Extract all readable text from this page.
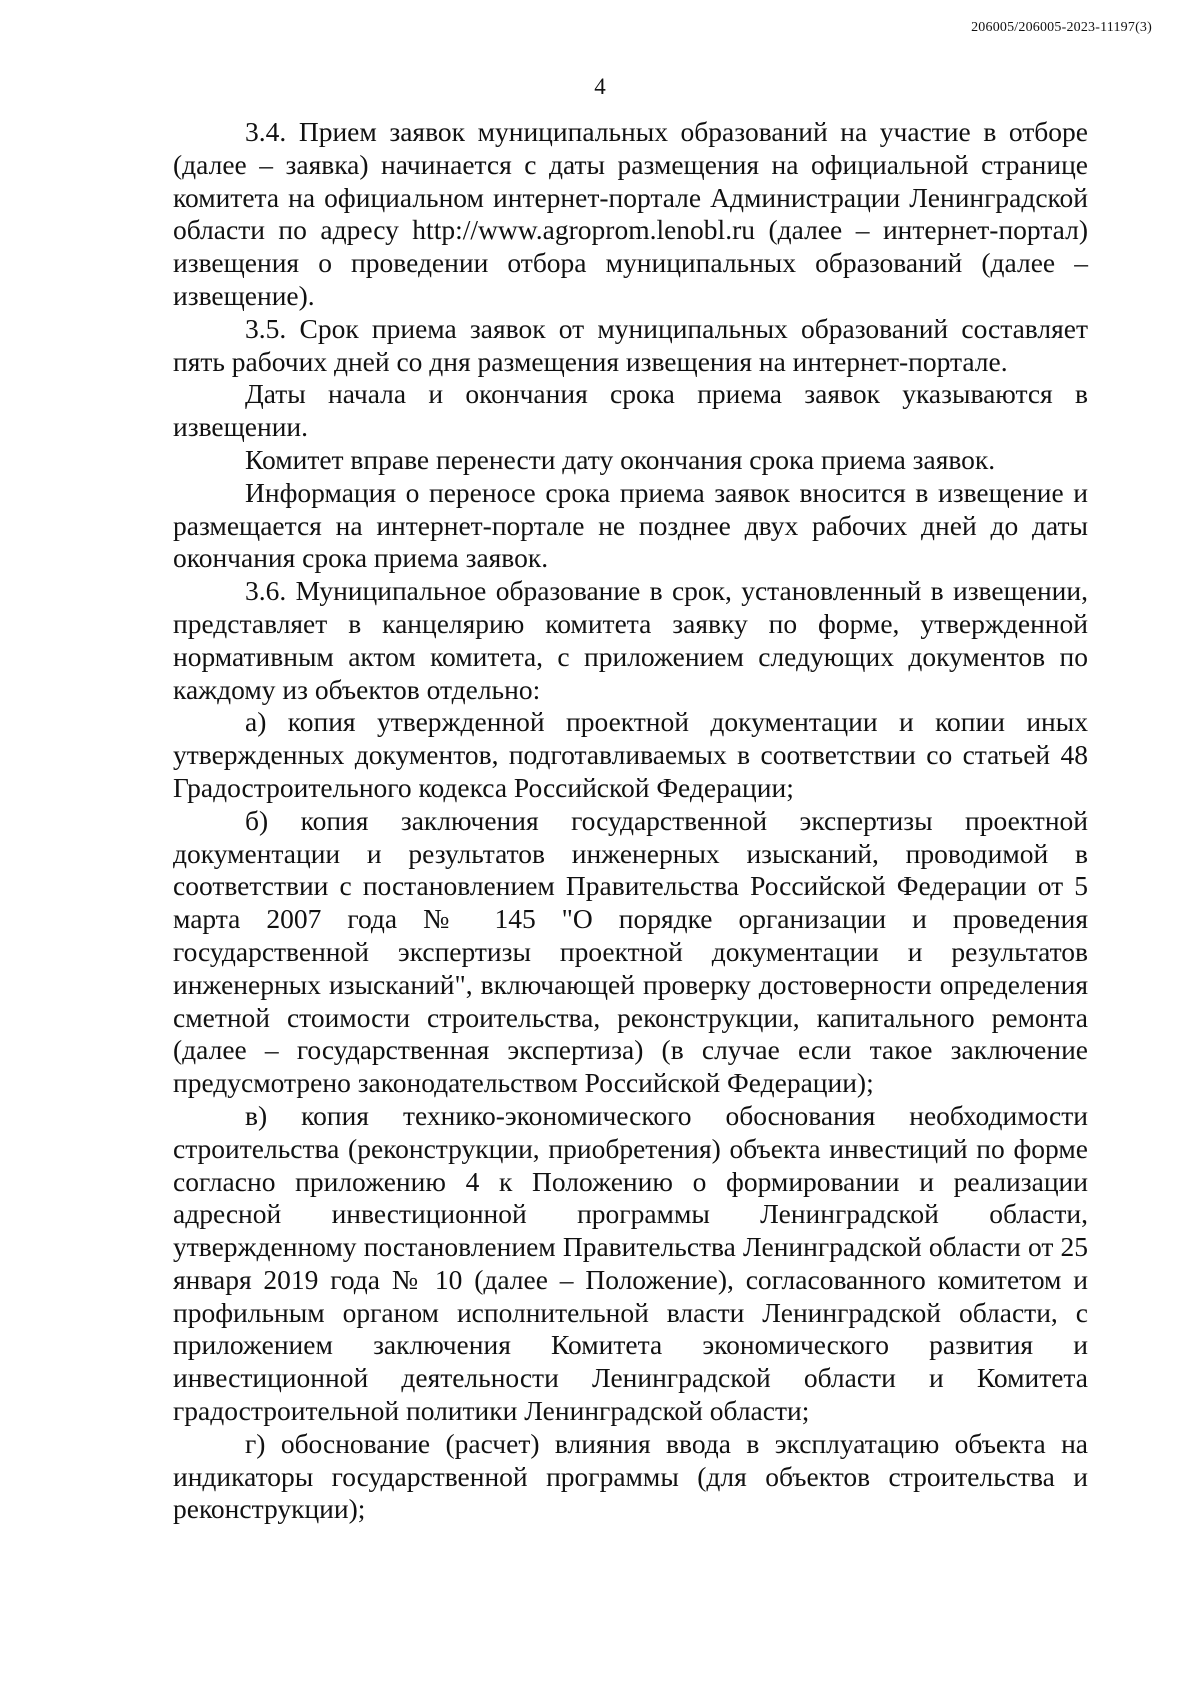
206005/206005-2023-11197(3)
4

3.4. Прием заявок муниципальных образований на участие в отборе (далее – заявка) начинается с даты размещения на официальной странице комитета на официальном интернет-портале Администрации Ленинградской области по адресу http://www.agroprom.lenobl.ru (далее – интернет-портал) извещения о проведении отбора муниципальных образований (далее – извещение).

3.5. Срок приема заявок от муниципальных образований составляет пять рабочих дней со дня размещения извещения на интернет-портале.

Даты начала и окончания срока приема заявок указываются в извещении.

Комитет вправе перенести дату окончания срока приема заявок.

Информация о переносе срока приема заявок вносится в извещение и размещается на интернет-портале не позднее двух рабочих дней до даты окончания срока приема заявок.

3.6. Муниципальное образование в срок, установленный в извещении, представляет в канцелярию комитета заявку по форме, утвержденной нормативным актом комитета, с приложением следующих документов по каждому из объектов отдельно:

а) копия утвержденной проектной документации и копии иных утвержденных документов, подготавливаемых в соответствии со статьей 48 Градостроительного кодекса Российской Федерации;

б) копия заключения государственной экспертизы проектной документации и результатов инженерных изысканий, проводимой в соответствии с постановлением Правительства Российской Федерации от 5 марта 2007 года № 145 "О порядке организации и проведения государственной экспертизы проектной документации и результатов инженерных изысканий", включающей проверку достоверности определения сметной стоимости строительства, реконструкции, капитального ремонта (далее – государственная экспертиза) (в случае если такое заключение предусмотрено законодательством Российской Федерации);

в) копия технико-экономического обоснования необходимости строительства (реконструкции, приобретения) объекта инвестиций по форме согласно приложению 4 к Положению о формировании и реализации адресной инвестиционной программы Ленинградской области, утвержденному постановлением Правительства Ленинградской области от 25 января 2019 года № 10 (далее – Положение), согласованного комитетом и профильным органом исполнительной власти Ленинградской области, с приложением заключения Комитета экономического развития и инвестиционной деятельности Ленинградской области и Комитета градостроительной политики Ленинградской области;

г) обоснование (расчет) влияния ввода в эксплуатацию объекта на индикаторы государственной программы (для объектов строительства и реконструкции);
